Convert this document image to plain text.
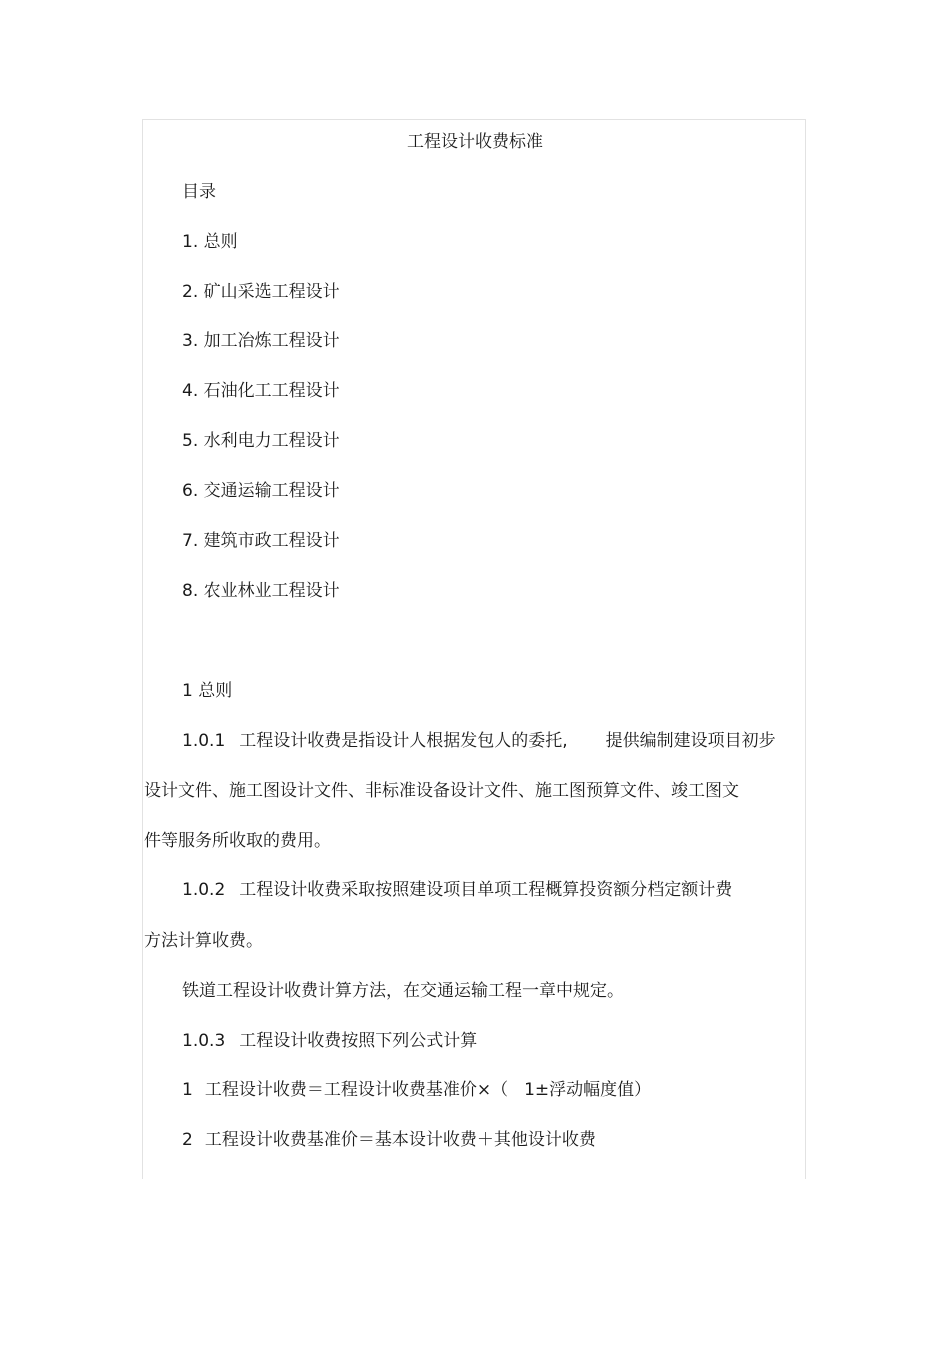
工程设计收费标准
目录
1. 总则
2. 矿山采选工程设计
3. 加工冶炼工程设计
4. 石油化工工程设计
5. 水利电力工程设计
6. 交通运输工程设计
7. 建筑市政工程设计
8. 农业林业工程设计
1 总则
1.0.1 工程设计收费是指设计人根据发包人的委托, 提供编制建设项目初步
设计文件、施工图设计文件、非标准设备设计文件、施工图预算文件、竣工图文
件等服务所收取的费用。
1.0.2 工程设计收费采取按照建设项目单项工程概算投资额分档定额计费
方法计算收费。
铁道工程设计收费计算方法，在交通运输工程一章中规定。
1.0.3 工程设计收费按照下列公式计算
1 工程设计收费＝工程设计收费基准价×（ 1±浮动幅度值）
2 工程设计收费基准价＝基本设计收费＋其他设计收费
